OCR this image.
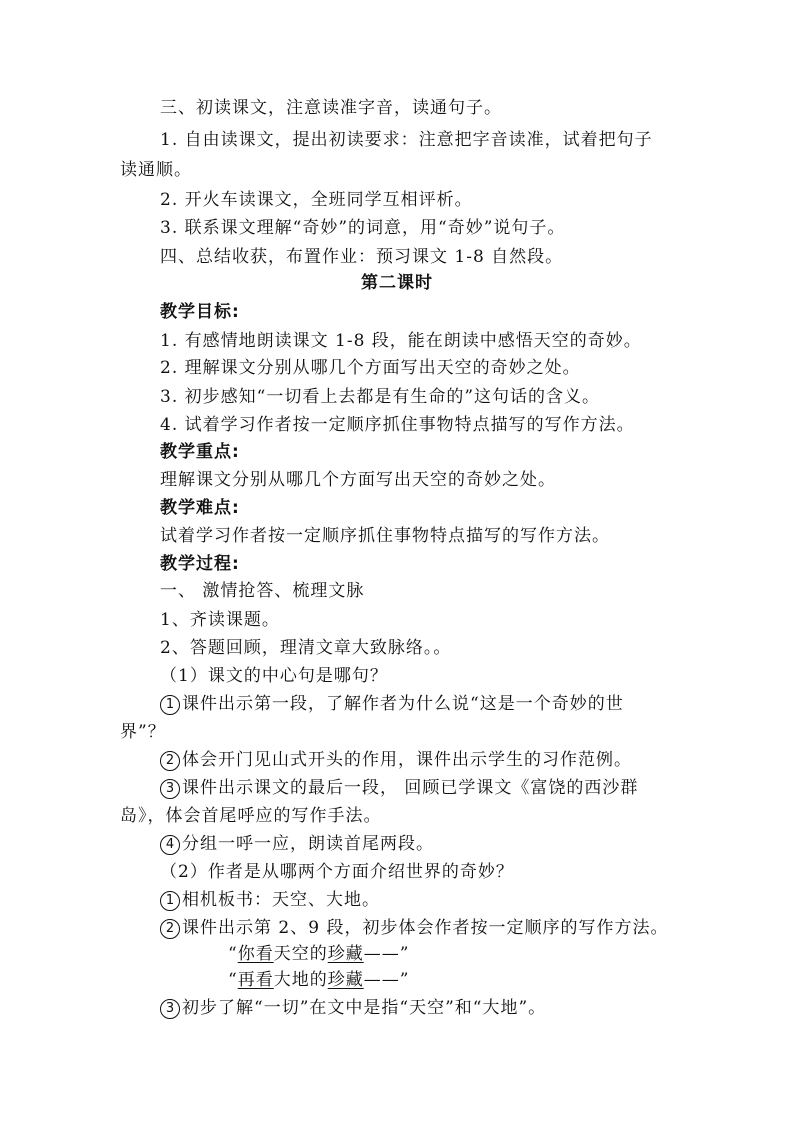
三、初读课文，注意读准字音，读通句子。
1. 自由读课文，提出初读要求：注意把字音读准，试着把句子
读通顺。
2. 开火车读课文，全班同学互相评析。
3. 联系课文理解“奇妙”的词意，用“奇妙”说句子。
四、总结收获，布置作业：预习课文 1-8 自然段。
第二课时
教学目标:
1. 有感情地朗读课文 1-8 段，能在朗读中感悟天空的奇妙。
2. 理解课文分别从哪几个方面写出天空的奇妙之处。
3. 初步感知“一切看上去都是有生命的”这句话的含义。
4. 试着学习作者按一定顺序抓住事物特点描写的写作方法。
教学重点:
理解课文分别从哪几个方面写出天空的奇妙之处。
教学难点:
试着学习作者按一定顺序抓住事物特点描写的写作方法。
教学过程:
一、 激情抢答、梳理文脉
1、齐读课题。
2、答题回顾，理清文章大致脉络。。
（1）课文的中心句是哪句？
1 课件出示第一段，了解作者为什么说“这是一个奇妙的世
界”？
2 体会开门见山式开头的作用，课件出示学生的习作范例。
3 课件出示课文的最后一段， 回顾已学课文《富饶的西沙群
岛》，体会首尾呼应的写作手法。
4 分组一呼一应，朗读首尾两段。
（2）作者是从哪两个方面介绍世界的奇妙？
1 相机板书：天空、大地。
2 课件出示第 2、9 段，初步体会作者按一定顺序的写作方法。
“你看天空的珍藏——”
“再看大地的珍藏——”
3 初步了解“一切”在文中是指“天空”和“大地”。
